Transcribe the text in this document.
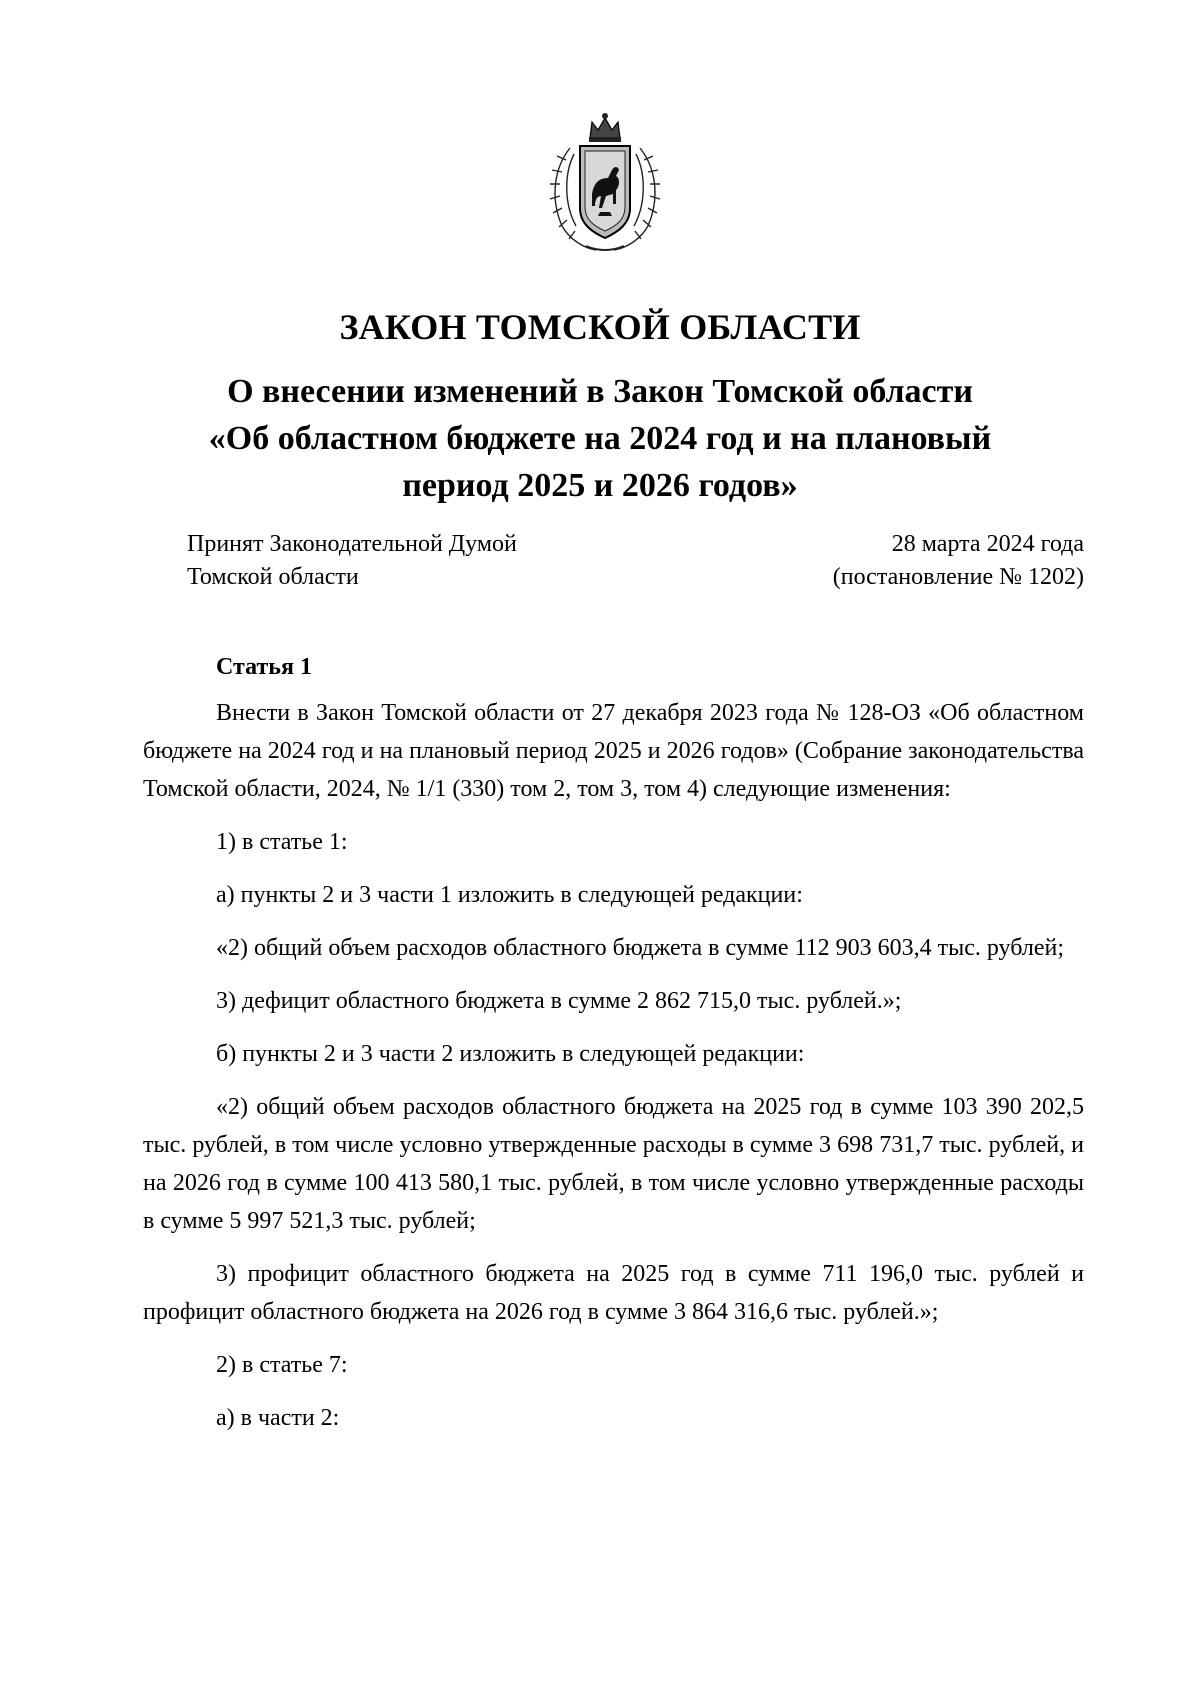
ЗАКОН ТОМСКОЙ ОБЛАСТИ
О внесении изменений в Закон Томской области
«Об областном бюджете на 2024 год и на плановый
период 2025 и 2026 годов»
Принят Законодательной Думой
Томской области
28 марта 2024 года
(постановление № 1202)
Статья 1

Внести в Закон Томской области от 27 декабря 2023 года № 128-ОЗ «Об областном бюджете на 2024 год и на плановый период 2025 и 2026 годов» (Собрание законодательства Томской области, 2024, № 1/1 (330) том 2, том 3, том 4) следующие изменения:

1) в статье 1:

а) пункты 2 и 3 части 1 изложить в следующей редакции:

«2) общий объем расходов областного бюджета в сумме 112 903 603,4 тыс. рублей;

3) дефицит областного бюджета в сумме 2 862 715,0 тыс. рублей.»;

б) пункты 2 и 3 части 2 изложить в следующей редакции:

«2) общий объем расходов областного бюджета на 2025 год в сумме 103 390 202,5 тыс. рублей, в том числе условно утвержденные расходы в сумме 3 698 731,7 тыс. рублей, и на 2026 год в сумме 100 413 580,1 тыс. рублей, в том числе условно утвержденные расходы в сумме 5 997 521,3 тыс. рублей;

3) профицит областного бюджета на 2025 год в сумме 711 196,0 тыс. рублей и профицит областного бюджета на 2026 год в сумме 3 864 316,6 тыс. рублей.»;

2) в статье 7:

а) в части 2:
